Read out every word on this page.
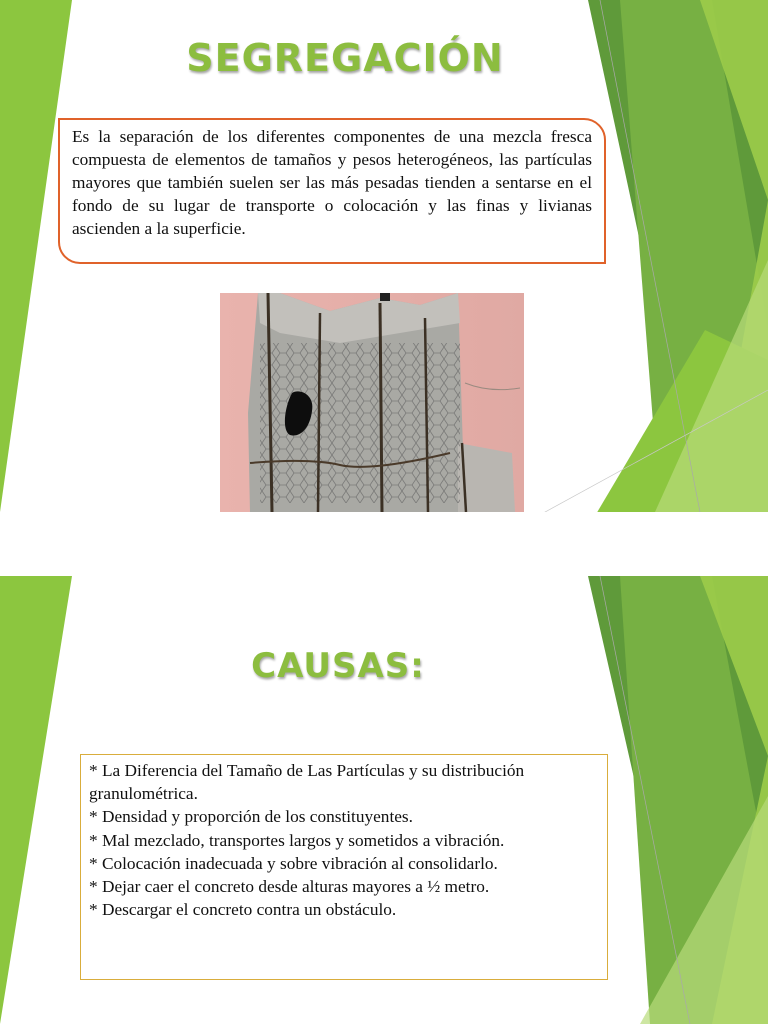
SEGREGACIÓN
Es la separación de los diferentes componentes de una mezcla fresca compuesta de elementos de tamaños y pesos heterogéneos, las partículas mayores que también suelen ser las más pesadas tienden a sentarse en el fondo de su lugar de transporte o colocación y las finas y livianas ascienden a la superficie.
CAUSAS:
* La Diferencia del Tamaño de Las Partículas y su distribución granulométrica.
* Densidad y proporción de los constituyentes.
* Mal mezclado, transportes largos y sometidos a vibración.
* Colocación inadecuada y sobre vibración al consolidarlo.
* Dejar caer el concreto desde alturas mayores a ½ metro.
* Descargar el concreto contra un obstáculo.
